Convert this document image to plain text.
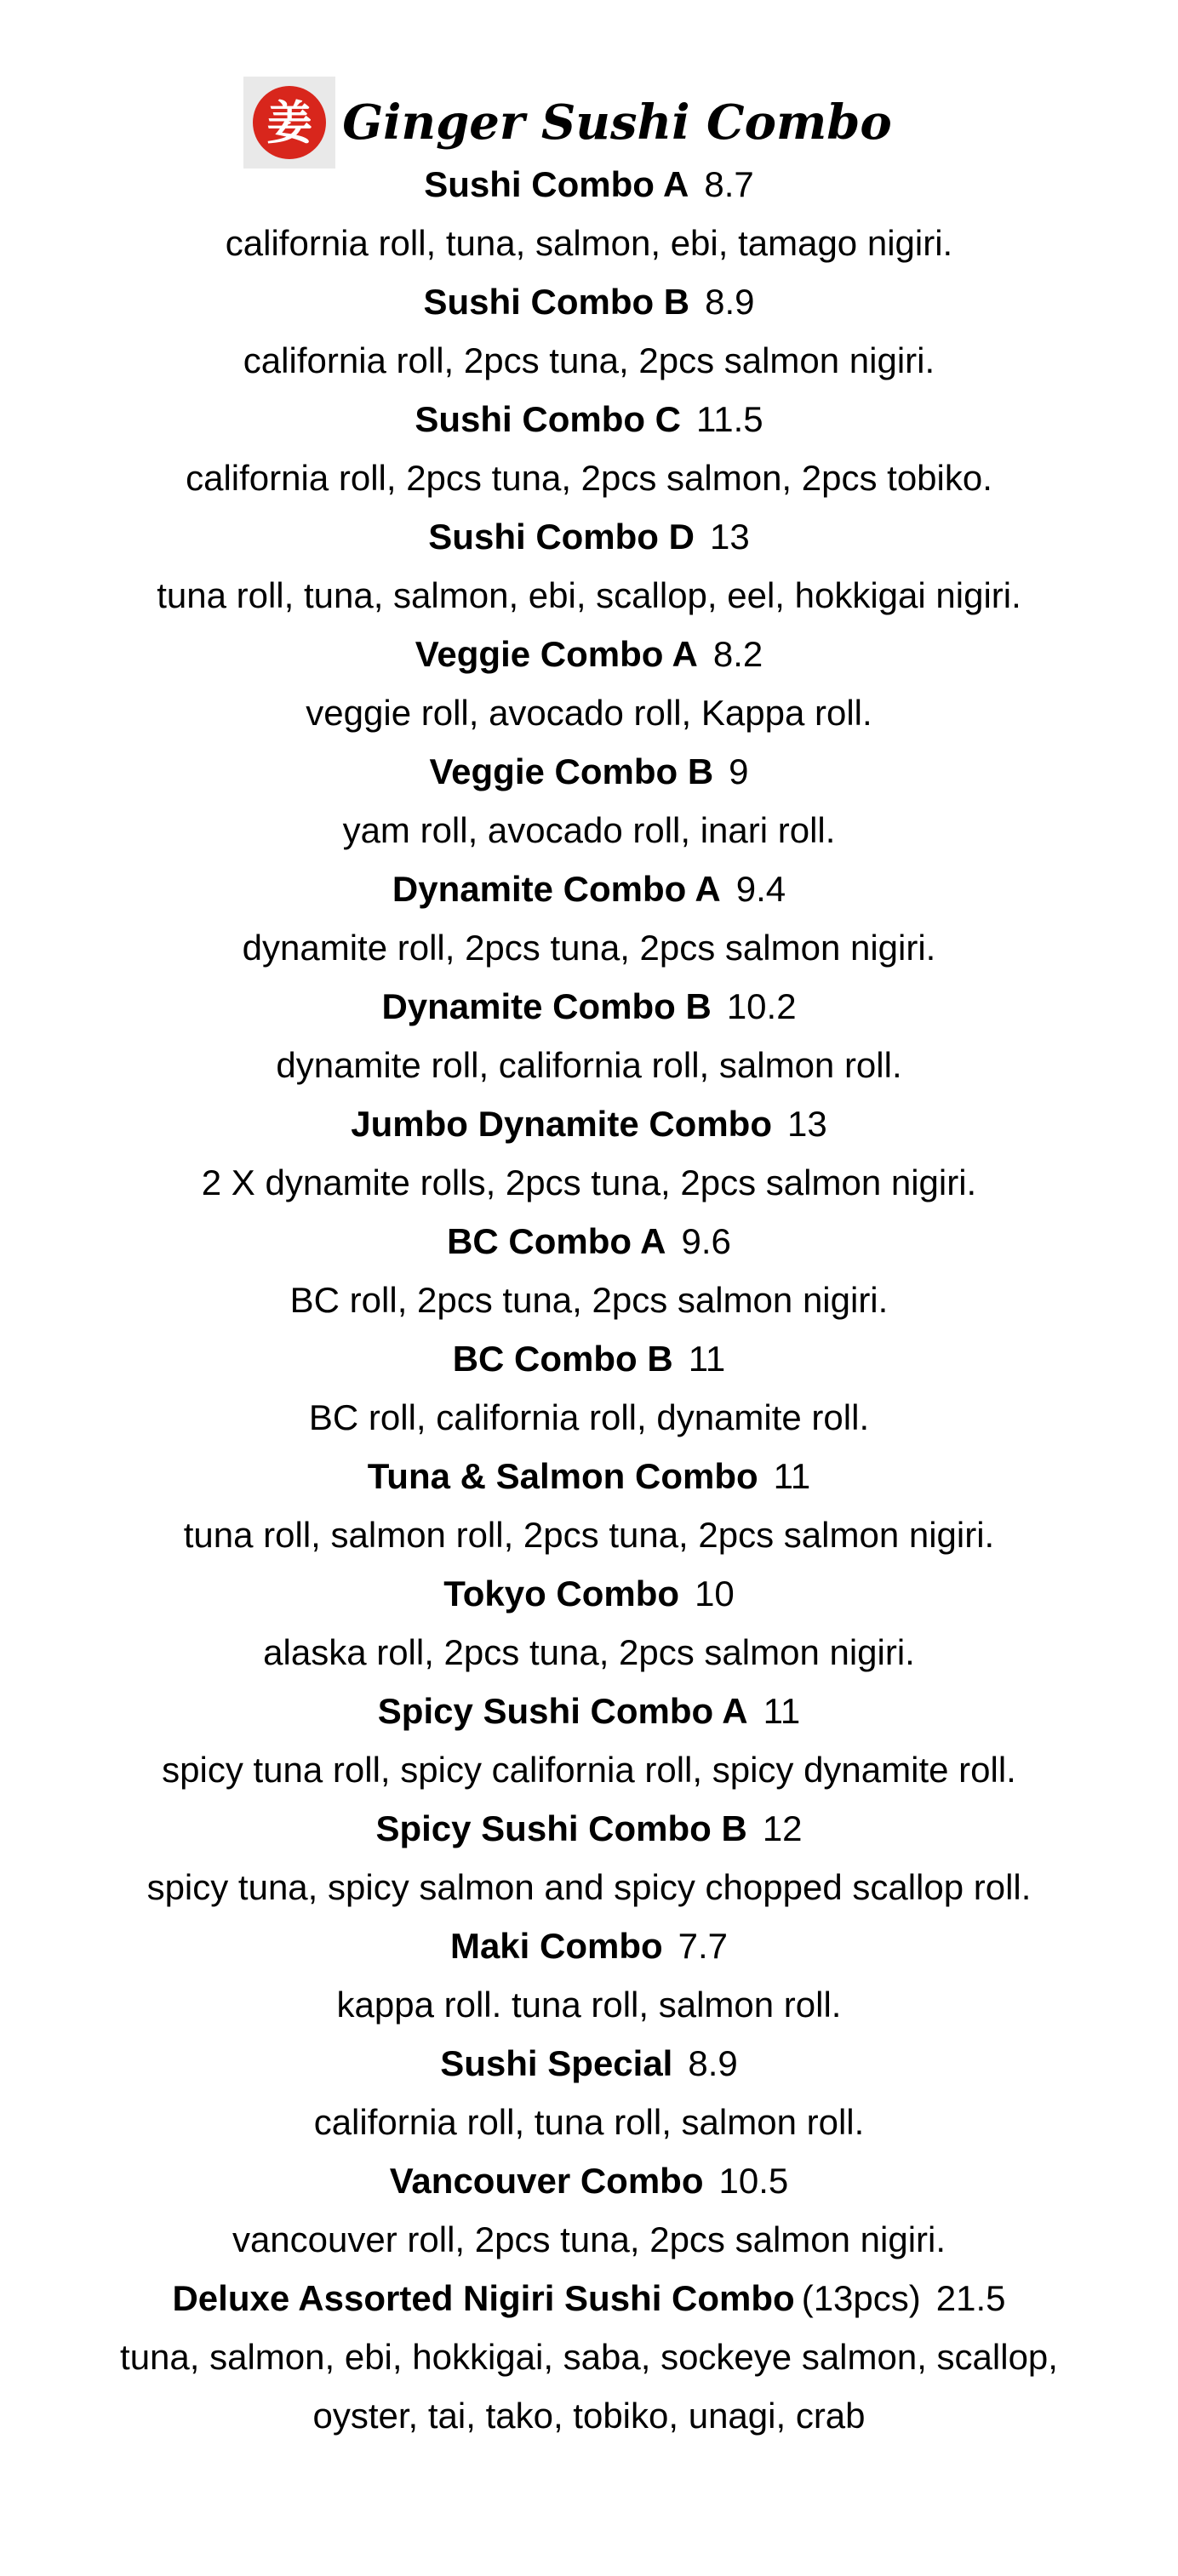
姜 Ginger Sushi Combo
Sushi Combo A 8.7
california roll, tuna, salmon, ebi, tamago nigiri.
Sushi Combo B 8.9
california roll, 2pcs tuna, 2pcs salmon nigiri.
Sushi Combo C 11.5
california roll, 2pcs tuna, 2pcs salmon, 2pcs tobiko.
Sushi Combo D 13
tuna roll, tuna, salmon, ebi, scallop, eel, hokkigai nigiri.
Veggie Combo A 8.2
veggie roll, avocado roll, Kappa roll.
Veggie Combo B 9
yam roll, avocado roll, inari roll.
Dynamite Combo A 9.4
dynamite roll, 2pcs tuna, 2pcs salmon nigiri.
Dynamite Combo B 10.2
dynamite roll, california roll, salmon roll.
Jumbo Dynamite Combo 13
2 X dynamite rolls, 2pcs tuna, 2pcs salmon nigiri.
BC Combo A 9.6
BC roll, 2pcs tuna, 2pcs salmon nigiri.
BC Combo B 11
BC roll, california roll, dynamite roll.
Tuna & Salmon Combo 11
tuna roll, salmon roll, 2pcs tuna, 2pcs salmon nigiri.
Tokyo Combo 10
alaska roll, 2pcs tuna, 2pcs salmon nigiri.
Spicy Sushi Combo A 11
spicy tuna roll, spicy california roll, spicy dynamite roll.
Spicy Sushi Combo B 12
spicy tuna, spicy salmon and spicy chopped scallop roll.
Maki Combo 7.7
kappa roll. tuna roll, salmon roll.
Sushi Special 8.9
california roll, tuna roll, salmon roll.
Vancouver Combo 10.5
vancouver roll, 2pcs tuna, 2pcs salmon nigiri.
Deluxe Assorted Nigiri Sushi Combo (13pcs) 21.5
tuna, salmon, ebi, hokkigai, saba, sockeye salmon, scallop,
oyster, tai, tako, tobiko, unagi, crab
